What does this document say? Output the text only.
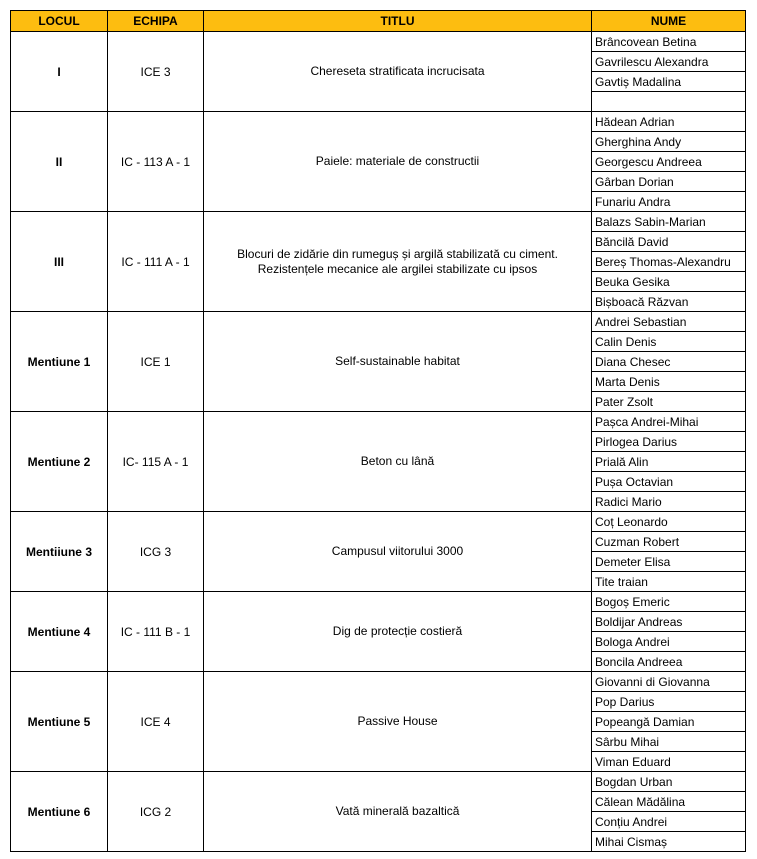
LOCUL	ECHIPA	TITLU	NUME
I	ICE 3	Chereseta stratificata incrucisata	Brâncovean Betina
			Gavrilescu Alexandra
			Gavtiș Madalina

II	IC - 113 A - 1	Paiele: materiale de constructii	Hădean Adrian
			Gherghina Andy
			Georgescu Andreea
			Gârban Dorian
			Funariu Andra
III	IC - 111 A - 1	Blocuri de zidărie din rumeguș și argilă stabilizată cu ciment.
Rezistențele mecanice ale argilei stabilizate cu ipsos	Balazs Sabin-Marian
			Băncilă David
			Bereș Thomas-Alexandru
			Beuka Gesika
			Bișboacă Răzvan
Mentiune 1	ICE 1	Self-sustainable habitat	Andrei Sebastian
			Calin Denis
			Diana Chesec
			Marta Denis
			Pater Zsolt
Mentiune 2	IC- 115 A - 1	Beton cu lână	Pașca Andrei-Mihai
			Pirlogea Darius
			Prială Alin
			Pușa Octavian
			Radici Mario
Mentiiune 3	ICG 3	Campusul viitorului 3000	Coț Leonardo
			Cuzman Robert
			Demeter Elisa
			Tite traian
Mentiune 4	IC - 111 B - 1	Dig de protecție costieră	Bogoș Emeric
			Boldijar Andreas
			Bologa Andrei
			Boncila Andreea
Mentiune 5	ICE 4	Passive House	Giovanni di Giovanna
			Pop Darius
			Popeangă Damian
			Sârbu Mihai
			Viman Eduard
Mentiune 6	ICG 2	Vată minerală bazaltică	Bogdan Urban
			Călean Mădălina
			Conțiu Andrei
			Mihai Cismaș
